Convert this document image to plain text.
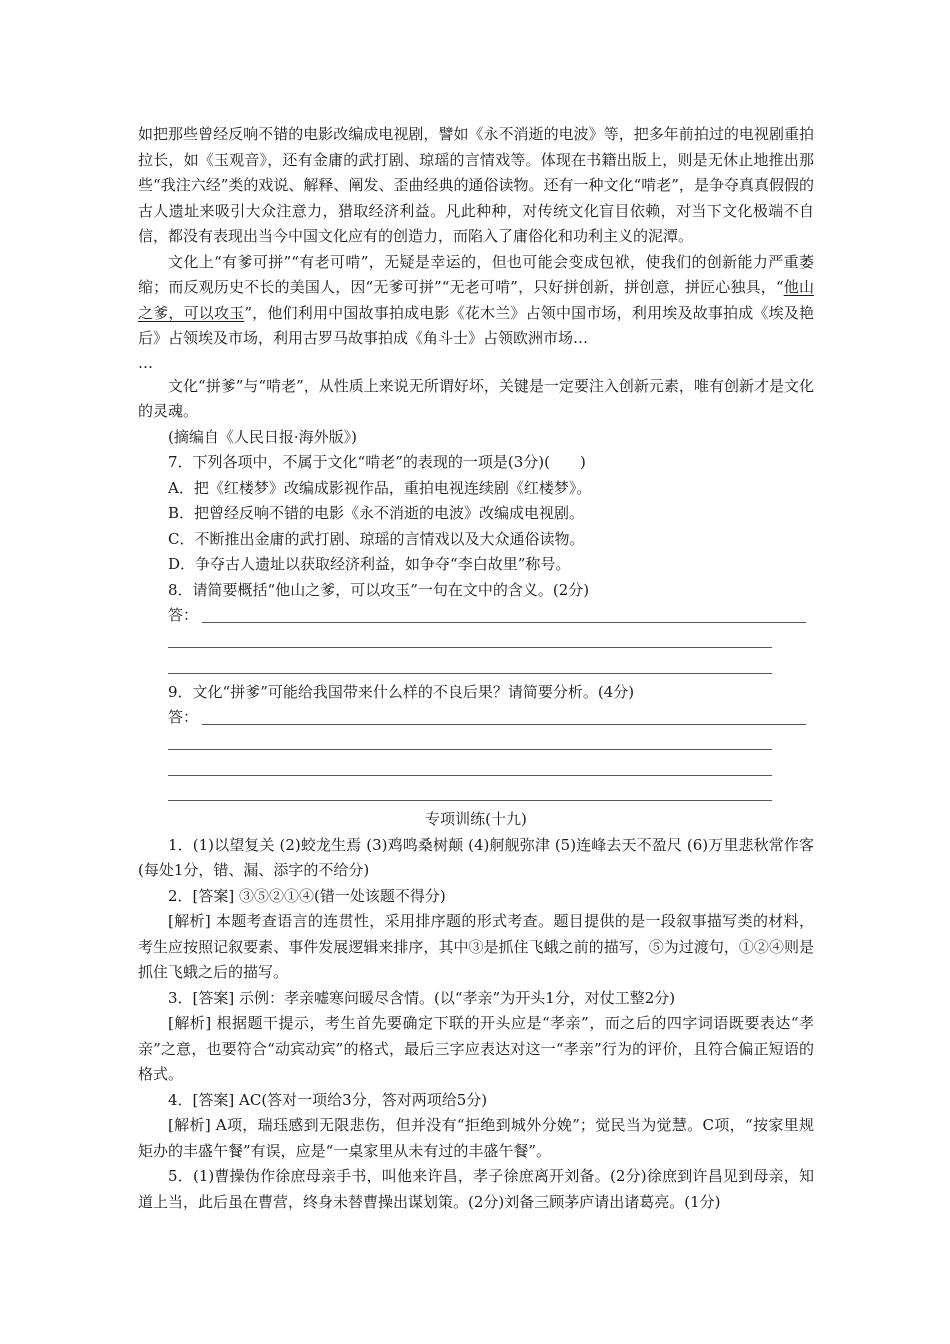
如把那些曾经反响不错的电影改编成电视剧，譬如《永不消逝的电波》等，把多年前拍过的电视剧重拍拉长，如《玉观音》，还有金庸的武打剧、琼瑶的言情戏等。体现在书籍出版上，则是无休止地推出那些“我注六经”类的戏说、解释、阐发、歪曲经典的通俗读物。还有一种文化“啃老”，是争夺真真假假的古人遗址来吸引大众注意力，猎取经济利益。凡此种种，对传统文化盲目依赖，对当下文化极端不自信，都没有表现出当今中国文化应有的创造力，而陷入了庸俗化和功利主义的泥潭。

文化上“有爹可拼”“有老可啃”，无疑是幸运的，但也可能会变成包袱，使我们的创新能力严重萎缩；而反观历史不长的美国人，因“无爹可拼”“无老可啃”，只好拼创新，拼创意，拼匠心独具，“他山之爹，可以攻玉”，他们利用中国故事拍成电影《花木兰》占领中国市场，利用埃及故事拍成《埃及艳后》占领埃及市场，利用古罗马故事拍成《角斗士》占领欧洲市场…

…

文化“拼爹”与“啃老”，从性质上来说无所谓好坏，关键是一定要注入创新元素，唯有创新才是文化的灵魂。

(摘编自《人民日报·海外版》)

7．下列各项中，不属于文化“啃老”的表现的一项是(3分)(　　)

A．把《红楼梦》改编成影视作品，重拍电视连续剧《红楼梦》。

B．把曾经反响不错的电影《永不消逝的电波》改编成电视剧。

C．不断推出金庸的武打剧、琼瑶的言情戏以及大众通俗读物。

D．争夺古人遗址以获取经济利益，如争夺“李白故里”称号。

8．请简要概括“他山之爹，可以攻玉”一句在文中的含义。(2分)

答：

9．文化“拼爹”可能给我国带来什么样的不良后果？请简要分析。(4分)

答：

专项训练(十九)

1．(1)以望复关 (2)蛟龙生焉 (3)鸡鸣桑树颠 (4)舸舰弥津 (5)连峰去天不盈尺 (6)万里悲秋常作客(每处1分，错、漏、添字的不给分)

2．[答案] ③⑤②①④(错一处该题不得分)

[解析] 本题考查语言的连贯性，采用排序题的形式考查。题目提供的是一段叙事描写类的材料，考生应按照记叙要素、事件发展逻辑来排序，其中③是抓住飞蛾之前的描写，⑤为过渡句，①②④则是抓住飞蛾之后的描写。

3．[答案] 示例：孝亲嘘寒问暖尽含情。(以“孝亲”为开头1分，对仗工整2分)

[解析] 根据题干提示，考生首先要确定下联的开头应是“孝亲”，而之后的四字词语既要表达“孝亲”之意，也要符合“动宾动宾”的格式，最后三字应表达对这一“孝亲”行为的评价，且符合偏正短语的格式。

4．[答案] AC(答对一项给3分，答对两项给5分)

[解析] A项，瑞珏感到无限悲伤，但并没有“拒绝到城外分娩”；觉民当为觉慧。C项，“按家里规矩办的丰盛午餐”有误，应是“一桌家里从未有过的丰盛午餐”。

5．(1)曹操伪作徐庶母亲手书，叫他来许昌，孝子徐庶离开刘备。(2分)徐庶到许昌见到母亲，知道上当，此后虽在曹营，终身未替曹操出谋划策。(2分)刘备三顾茅庐请出诸葛亮。(1分)
